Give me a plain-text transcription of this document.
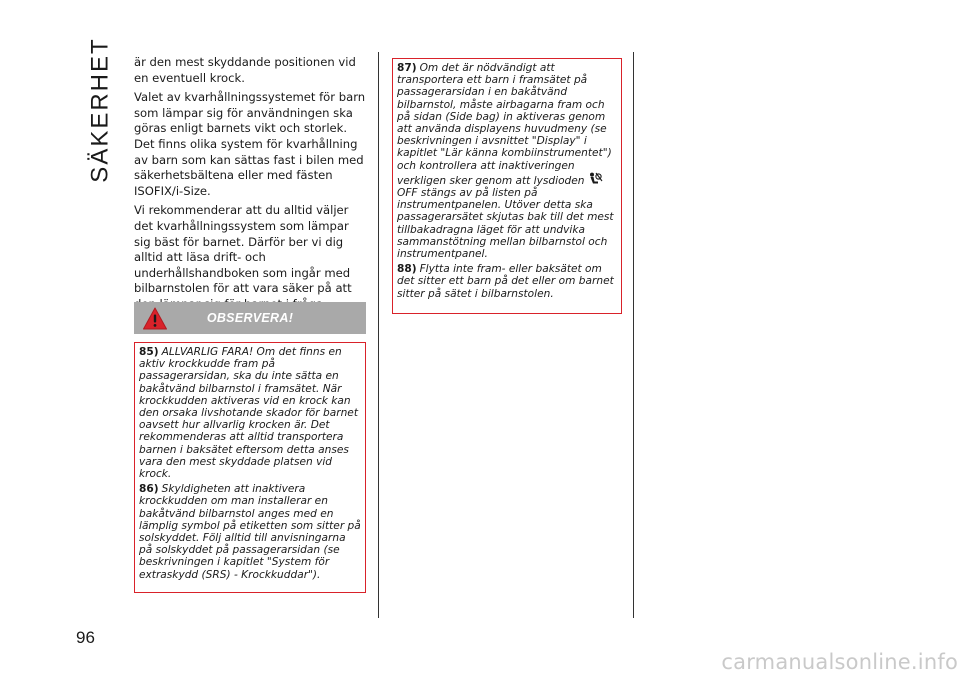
SÄKERHET
96

är den mest skyddande positionen vid en eventuell krock.

Valet av kvarhållningssystemet för barn som lämpar sig för användningen ska göras enligt barnets vikt och storlek. Det finns olika system för kvarhållning av barn som kan sättas fast i bilen med säkerhetsbältena eller med fästen ISOFIX/i-Size.

Vi rekommenderar att du alltid väljer det kvarhållningssystem som lämpar sig bäst för barnet. Därför ber vi dig alltid att läsa drift- och underhållshandboken som ingår med bilbarnstolen för att vara säker på att

OBSERVERA!

85) ALLVARLIG FARA! Om det finns en aktiv krockkudde fram på passagerarsidan, ska du inte sätta en bakåtvänd bilbarnstol i framsätet. När krockkudden aktiveras vid en krock kan den orsaka livshotande skador för barnet oavsett hur allvarlig krocken är. Det rekommenderas att alltid transportera barnen i baksätet eftersom detta anses vara den mest skyddade platsen vid krock.

86) Skyldigheten att inaktivera krockkudden om man installerar en bakåtvänd bilbarnstol anges med en lämplig symbol på etiketten som sitter på solskyddet. Följ alltid till anvisningarna på solskyddet på passagerarsidan (se beskrivningen i kapitlet "System för extraskydd (SRS) - Krockkuddar").

87) Om det är nödvändigt att transportera ett barn i framsätet på passagerarsidan i en bakåtvänd bilbarnstol, måste airbagarna fram och på sidan (Side bag) in aktiveras genom att använda displayens huvudmeny (se beskrivningen i avsnittet "Display" i kapitlet "Lär känna kombiinstrumentet") och kontrollera att inaktiveringen verkligen sker genom att lysdiodenOFF stängs av på listen på instrumentpanelen. Utöver detta ska passagerarsätet skjutas bak till det mest tillbakadragna läget för att undvika sammanstötning mellan bilbarnstol och instrumentpanel.

88) Flytta inte fram- eller baksätet om det sitter ett barn på det eller om barnet sitter på sätet i bilbarnstolen.

carmanualsonline.info
